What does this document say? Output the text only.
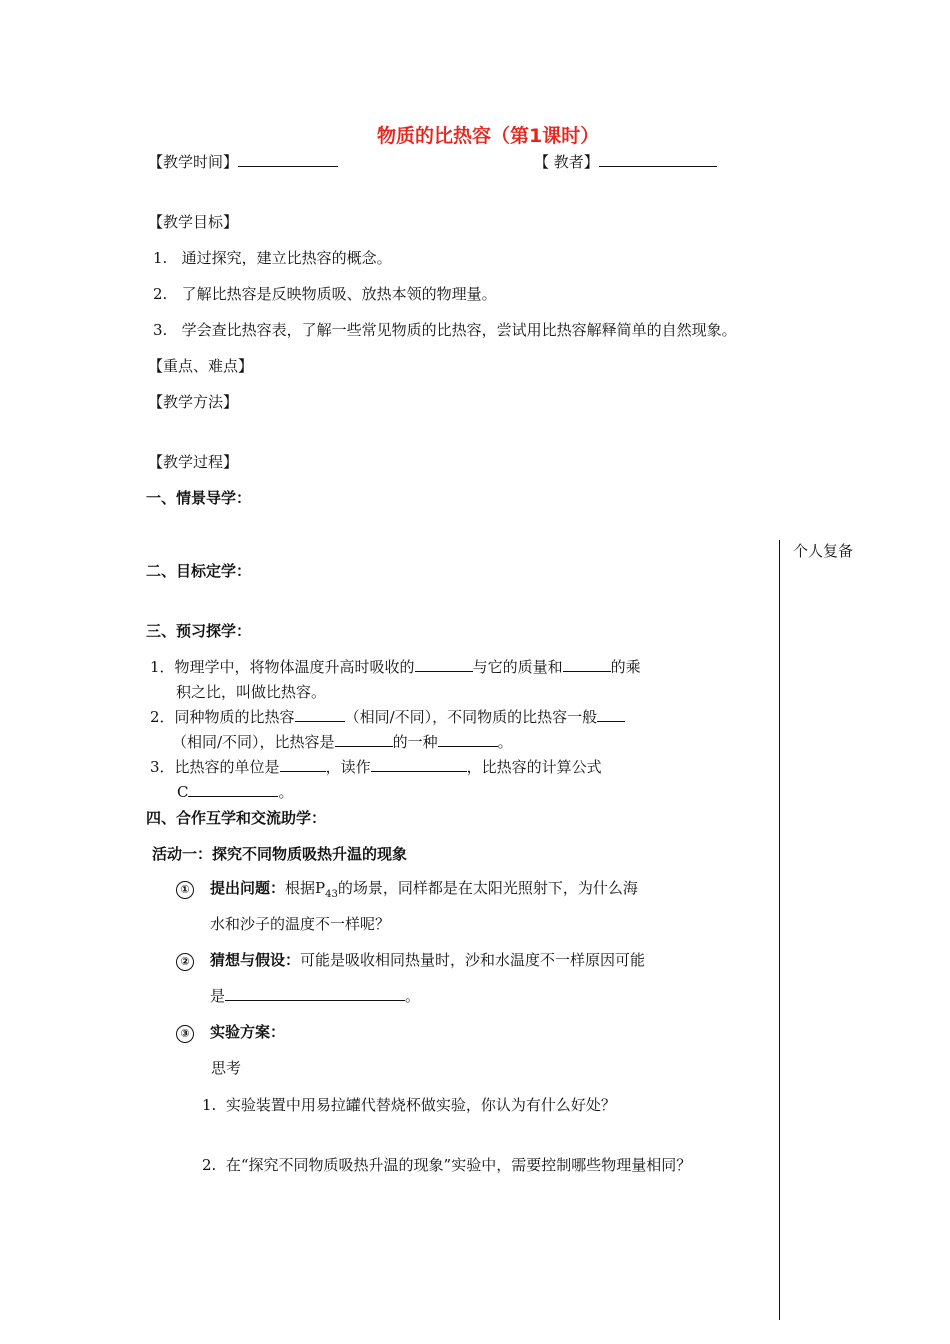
物质的比热容（第1课时）
【教学时间】	【 教者】
【教学目标】
1. 通过探究，建立比热容的概念。
2. 了解比热容是反映物质吸、放热本领的物理量。
3. 学会查比热容表，了解一些常见物质的比热容，尝试用比热容解释简单的自然现象。
【重点、难点】
【教学方法】
【教学过程】
一、情景导学：
个人复备
二、目标定学：
三、预习探学：
1．物理学中，将物体温度升高时吸收的	与它的质量和	的乘
积之比，叫做比热容。
2．同种物质的比热容	（相同/不同），不同物质的比热容一般
（相同/不同），比热容是	的一种	。
3．比热容的单位是	，读作	，比热容的计算公式
C	。
四、合作互学和交流助学：
活动一：探究不同物质吸热升温的现象
① 提出问题：根据$P_{43}$的场景，同样都是在太阳光照射下，为什么海
水和沙子的温度不一样呢？
② 猜想与假设：可能是吸收相同热量时，沙和水温度不一样原因可能
是	。
③ 实验方案：
思考
1. 实验装置中用易拉罐代替烧杯做实验，你认为有什么好处？
2. 在“探究不同物质吸热升温的现象”实验中，需要控制哪些物理量相同？
